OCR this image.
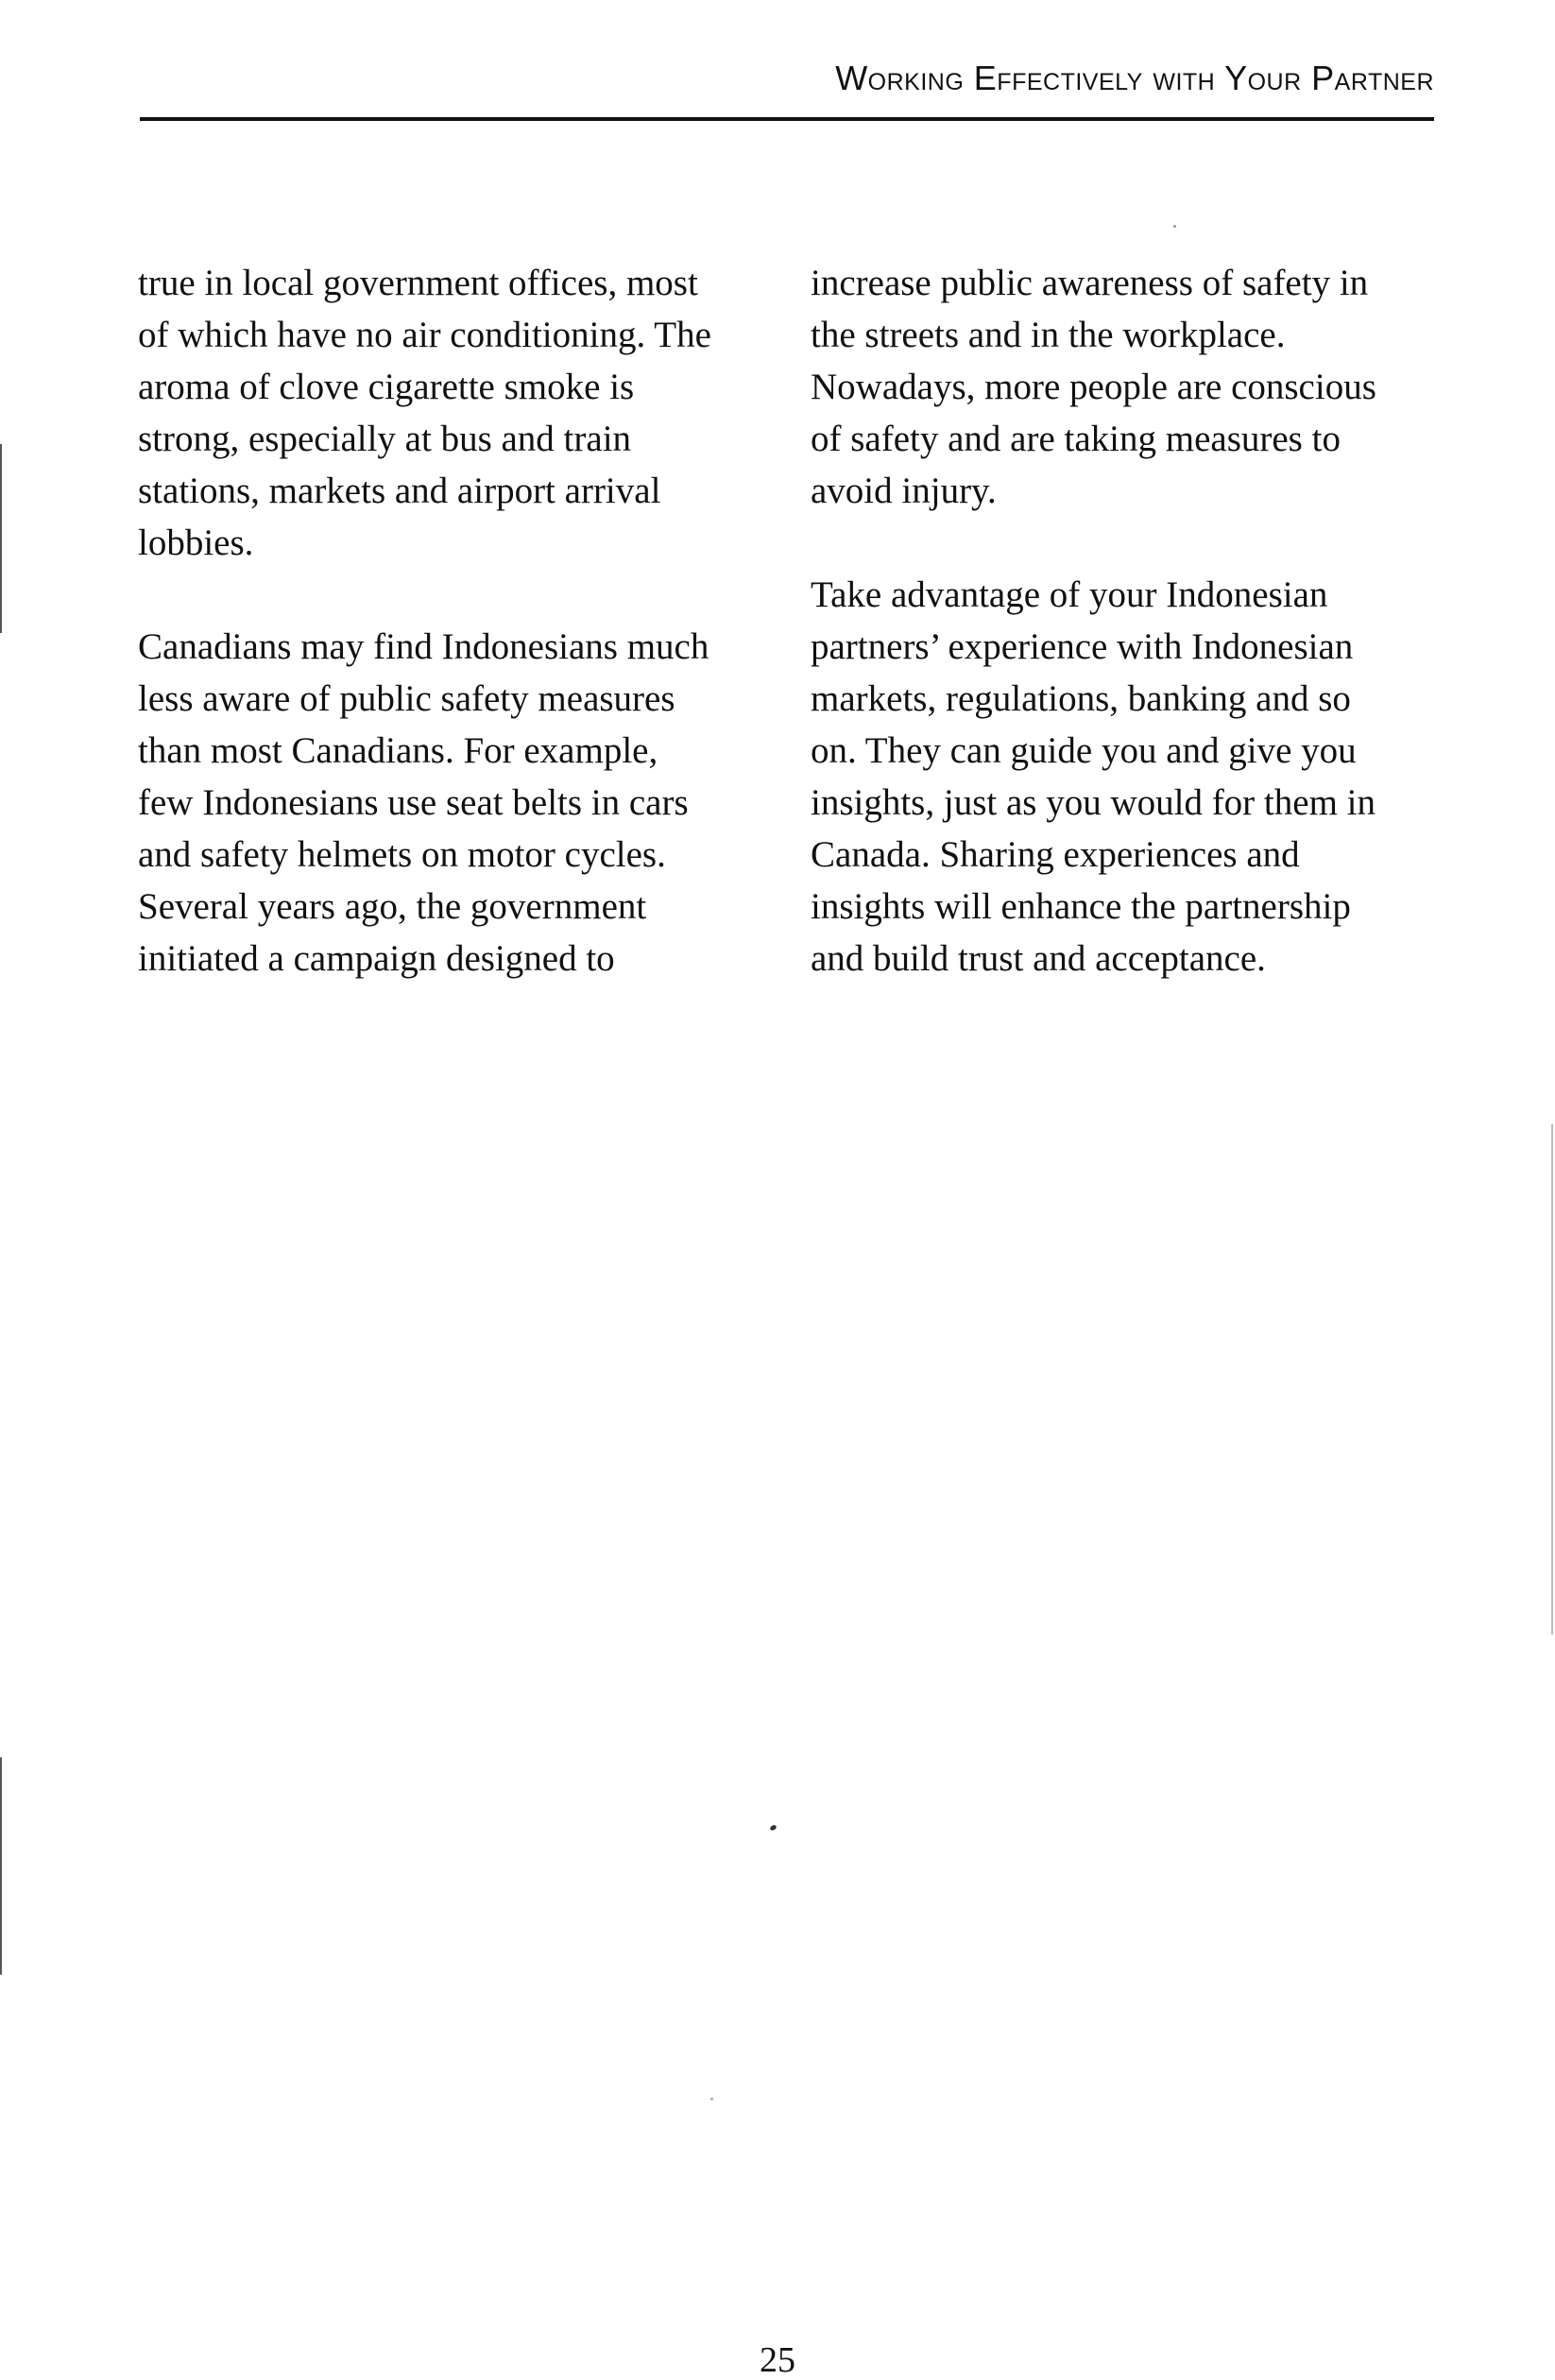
Working Effectively with Your Partner
true in local government offices, most
of which have no air conditioning. The
aroma of clove cigarette smoke is
strong, especially at bus and train
stations, markets and airport arrival
lobbies.
Canadians may find Indonesians much
less aware of public safety measures
than most Canadians. For example,
few Indonesians use seat belts in cars
and safety helmets on motor cycles.
Several years ago, the government
initiated a campaign designed to
increase public awareness of safety in
the streets and in the workplace.
Nowadays, more people are conscious
of safety and are taking measures to
avoid injury.
Take advantage of your Indonesian
partners’ experience with Indonesian
markets, regulations, banking and so
on. They can guide you and give you
insights, just as you would for them in
Canada. Sharing experiences and
insights will enhance the partnership
and build trust and acceptance.
25
